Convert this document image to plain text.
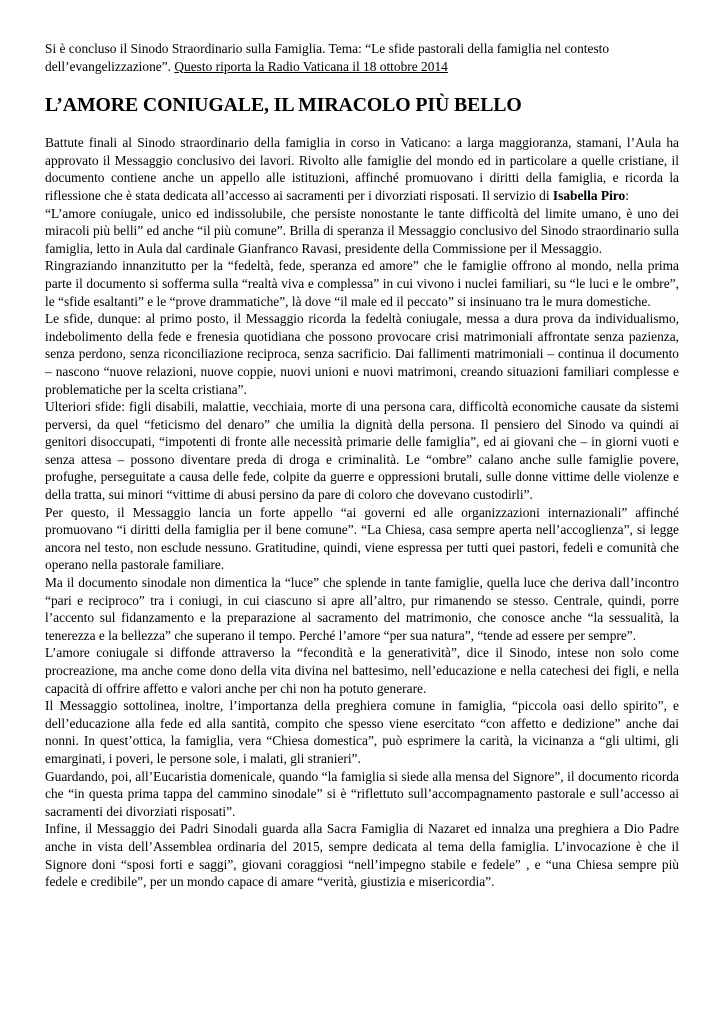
Si è concluso il Sinodo Straordinario sulla Famiglia. Tema: “Le sfide pastorali della famiglia nel contesto dell’evangelizzazione”. Questo riporta la Radio Vaticana il 18 ottobre 2014

L’AMORE CONIUGALE, IL MIRACOLO PIÙ BELLO

Battute finali al Sinodo straordinario della famiglia in corso in Vaticano: a larga maggioranza, stamani, l’Aula ha approvato il Messaggio conclusivo dei lavori. Rivolto alle famiglie del mondo ed in particolare a quelle cristiane, il documento contiene anche un appello alle istituzioni, affinché promuovano i diritti della famiglia, e ricorda la riflessione che è stata dedicata all’accesso ai sacramenti per i divorziati risposati. Il servizio di Isabella Piro:

“L’amore coniugale, unico ed indissolubile, che persiste nonostante le tante difficoltà del limite umano, è uno dei miracoli più belli” ed anche “il più comune”. Brilla di speranza il Messaggio conclusivo del Sinodo straordinario sulla famiglia, letto in Aula dal cardinale Gianfranco Ravasi, presidente della Commissione per il Messaggio.

Ringraziando innanzitutto per la “fedeltà, fede, speranza ed amore” che le famiglie offrono al mondo, nella prima parte il documento si sofferma sulla “realtà viva e complessa” in cui vivono i nuclei familiari, su “le luci e le ombre”, le “sfide esaltanti” e le “prove drammatiche”, là dove “il male ed il peccato” si insinuano tra le mura domestiche.

Le sfide, dunque: al primo posto, il Messaggio ricorda la fedeltà coniugale, messa a dura prova da individualismo, indebolimento della fede e frenesia quotidiana che possono provocare crisi matrimoniali affrontate senza pazienza, senza perdono, senza riconciliazione reciproca, senza sacrificio. Dai fallimenti matrimoniali – continua il documento – nascono “nuove relazioni, nuove coppie, nuovi unioni e nuovi matrimoni, creando situazioni familiari complesse e problematiche per la scelta cristiana”.

Ulteriori sfide: figli disabili, malattie, vecchiaia, morte di una persona cara, difficoltà economiche causate da sistemi perversi, da quel “feticismo del denaro” che umilia la dignità della persona. Il pensiero del Sinodo va quindi ai genitori disoccupati, “impotenti di fronte alle necessità primarie delle famiglia”, ed ai giovani che – in giorni vuoti e senza attesa – possono diventare preda di droga e criminalità. Le “ombre” calano anche sulle famiglie povere, profughe, perseguitate a causa delle fede, colpite da guerre e oppressioni brutali, sulle donne vittime delle violenze e della tratta, sui minori “vittime di abusi persino da pare di coloro che dovevano custodirli”.

Per questo, il Messaggio lancia un forte appello “ai governi ed alle organizzazioni internazionali” affinché promuovano “i diritti della famiglia per il bene comune”. “La Chiesa, casa sempre aperta nell’accoglienza”, si legge ancora nel testo, non esclude nessuno. Gratitudine, quindi, viene espressa per tutti quei pastori, fedeli e comunità che operano nella pastorale familiare.

Ma il documento sinodale non dimentica la “luce” che splende in tante famiglie, quella luce che deriva dall’incontro “pari e reciproco” tra i coniugi, in cui ciascuno si apre all’altro, pur rimanendo se stesso. Centrale, quindi, porre l’accento sul fidanzamento e la preparazione al sacramento del matrimonio, che conosce anche “la sessualità, la tenerezza e la bellezza” che superano il tempo. Perché l’amore “per sua natura”, “tende ad essere per sempre”.

L’amore coniugale si diffonde attraverso la “fecondità e la generatività”, dice il Sinodo, intese non solo come procreazione, ma anche come dono della vita divina nel battesimo, nell’educazione e nella catechesi dei figli, e nella capacità di offrire affetto e valori anche per chi non ha potuto generare.

Il Messaggio sottolinea, inoltre, l’importanza della preghiera comune in famiglia, “piccola oasi dello spirito”, e dell’educazione alla fede ed alla santità, compito che spesso viene esercitato “con affetto e dedizione” anche dai nonni. In quest’ottica, la famiglia, vera “Chiesa domestica”, può esprimere la carità, la vicinanza a “gli ultimi, gli emarginati, i poveri, le persone sole, i malati, gli stranieri”.

Guardando, poi, all’Eucaristia domenicale, quando “la famiglia si siede alla mensa del Signore”, il documento ricorda che “in questa prima tappa del cammino sinodale” si è “riflettuto sull’accompagnamento pastorale e sull’accesso ai sacramenti dei divorziati risposati”.

Infine, il Messaggio dei Padri Sinodali guarda alla Sacra Famiglia di Nazaret ed innalza una preghiera a Dio Padre anche in vista dell’Assemblea ordinaria del 2015, sempre dedicata al tema della famiglia. L’invocazione è che il Signore doni “sposi forti e saggi”, giovani coraggiosi “nell’impegno stabile e fedele” , e “una Chiesa sempre più fedele e credibile”, per un mondo capace di amare “verità, giustizia e misericordia”.
